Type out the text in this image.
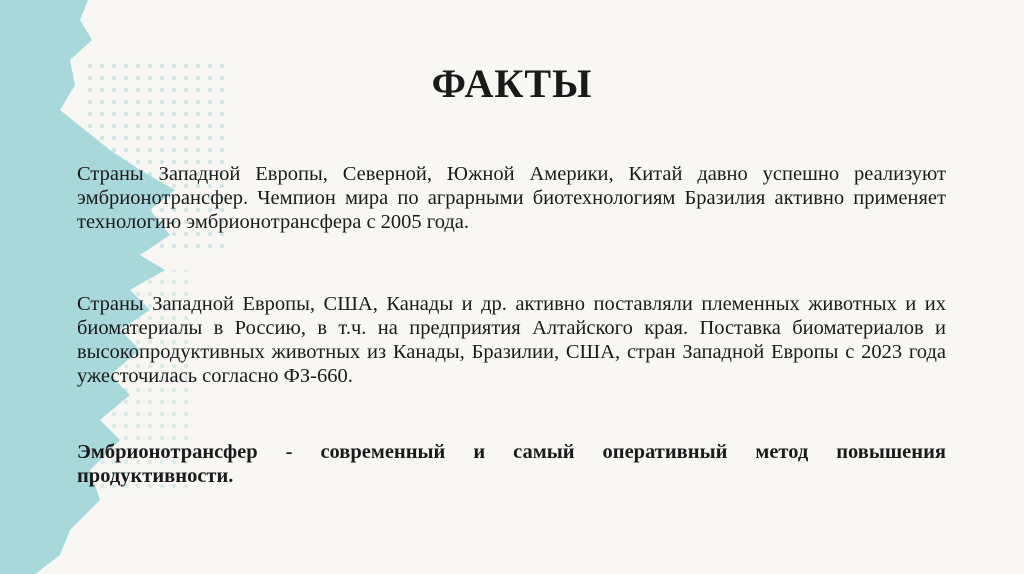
ФАКТЫ
Страны Западной Европы, Северной, Южной Америки, Китай давно успешно реализуют эмбрионотрансфер. Чемпион мира по аграрными биотехнологиям Бразилия активно применяет технологию эмбрионотрансфера с 2005 года.
Страны Западной Европы, США, Канады и др. активно поставляли племенных животных и их биоматериалы в Россию, в т.ч. на предприятия Алтайского края. Поставка биоматериалов и высокопродуктивных животных из Канады, Бразилии, США, стран Западной Европы с 2023 года ужесточилась согласно ФЗ-660.
Эмбрионотрансфер - современный и самый оперативный метод повышения продуктивности.
